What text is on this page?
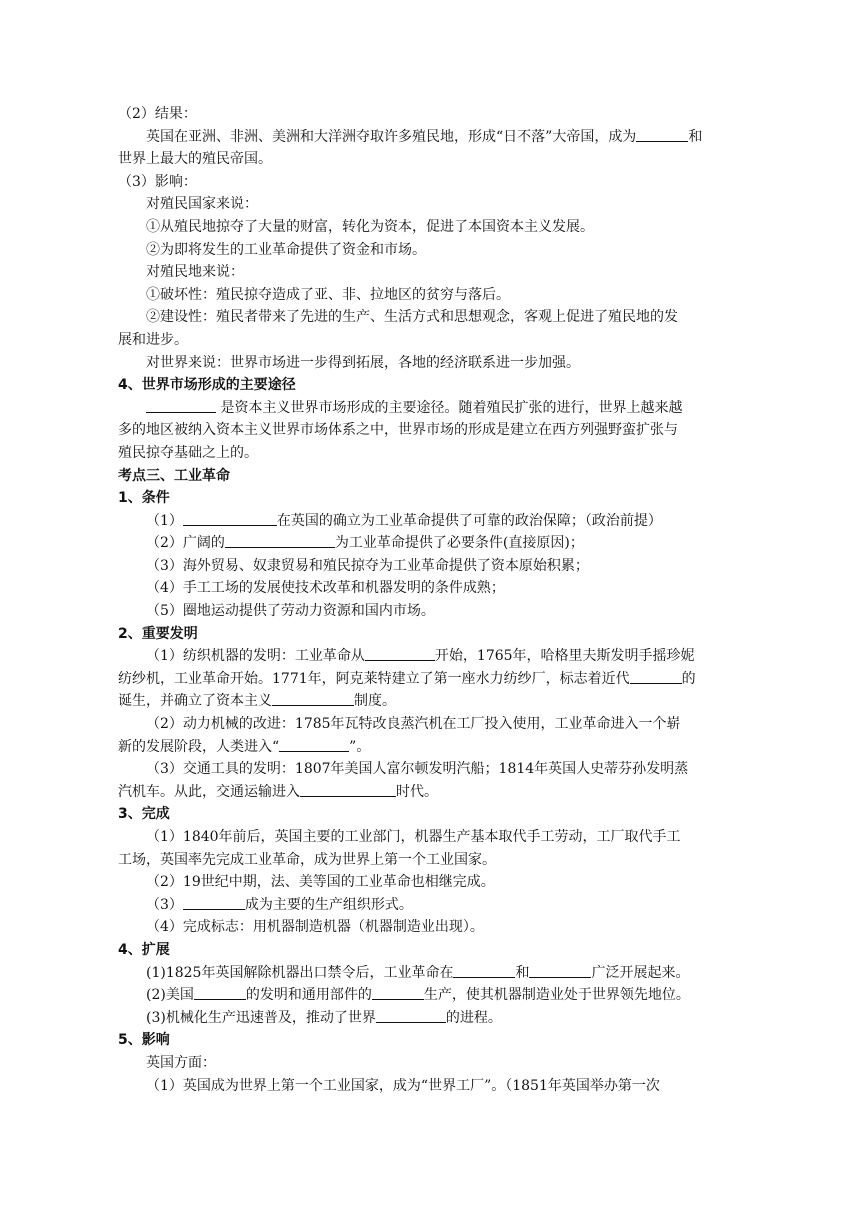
（2）结果：

英国在亚洲、非洲、美洲和大洋洲夺取许多殖民地，形成“日不落”大帝国，成为	和

世界上最大的殖民帝国。

（3）影响：

对殖民国家来说：

①从殖民地掠夺了大量的财富，转化为资本，促进了本国资本主义发展。

②为即将发生的工业革命提供了资金和市场。

对殖民地来说：

①破坏性：殖民掠夺造成了亚、非、拉地区的贫穷与落后。

②建设性：殖民者带来了先进的生产、生活方式和思想观念，客观上促进了殖民地的发

展和进步。

对世界来说：世界市场进一步得到拓展，各地的经济联系进一步加强。

4、世界市场形成的主要途径

是资本主义世界市场形成的主要途径。随着殖民扩张的进行，世界上越来越

多的地区被纳入资本主义世界市场体系之中，世界市场的形成是建立在西方列强野蛮扩张与

殖民掠夺基础之上的。

考点三、工业革命

1、条件

（1）	在英国的确立为工业革命提供了可靠的政治保障；（政治前提）

（2）广阔的	为工业革命提供了必要条件(直接原因)；

（3）海外贸易、奴隶贸易和殖民掠夺为工业革命提供了资本原始积累；

（4）手工工场的发展使技术改革和机器发明的条件成熟；

（5）圈地运动提供了劳动力资源和国内市场。

2、重要发明

（1）纺织机器的发明：工业革命从	开始，1765年，哈格里夫斯发明手摇珍妮

纺纱机，工业革命开始。1771年，阿克莱特建立了第一座水力纺纱厂，标志着近代	的

诞生，并确立了资本主义	制度。

（2）动力机械的改进：1785年瓦特改良蒸汽机在工厂投入使用，工业革命进入一个崭

新的发展阶段，人类进入“	”。

（3）交通工具的发明：1807年美国人富尔顿发明汽船；1814年英国人史蒂芬孙发明蒸

汽机车。从此，交通运输进入	时代。

3、完成

（1）1840年前后，英国主要的工业部门，机器生产基本取代手工劳动，工厂取代手工

工场，英国率先完成工业革命，成为世界上第一个工业国家。

（2）19世纪中期，法、美等国的工业革命也相继完成。

（3）	成为主要的生产组织形式。

（4）完成标志：用机器制造机器（机器制造业出现）。

4、扩展

(1)1825年英国解除机器出口禁令后，工业革命在	和	广泛开展起来。

(2)美国	的发明和通用部件的	生产，使其机器制造业处于世界领先地位。

(3)机械化生产迅速普及，推动了世界	的进程。

5、影响

英国方面：

（1）英国成为世界上第一个工业国家，成为“世界工厂”。（1851年英国举办第一次
